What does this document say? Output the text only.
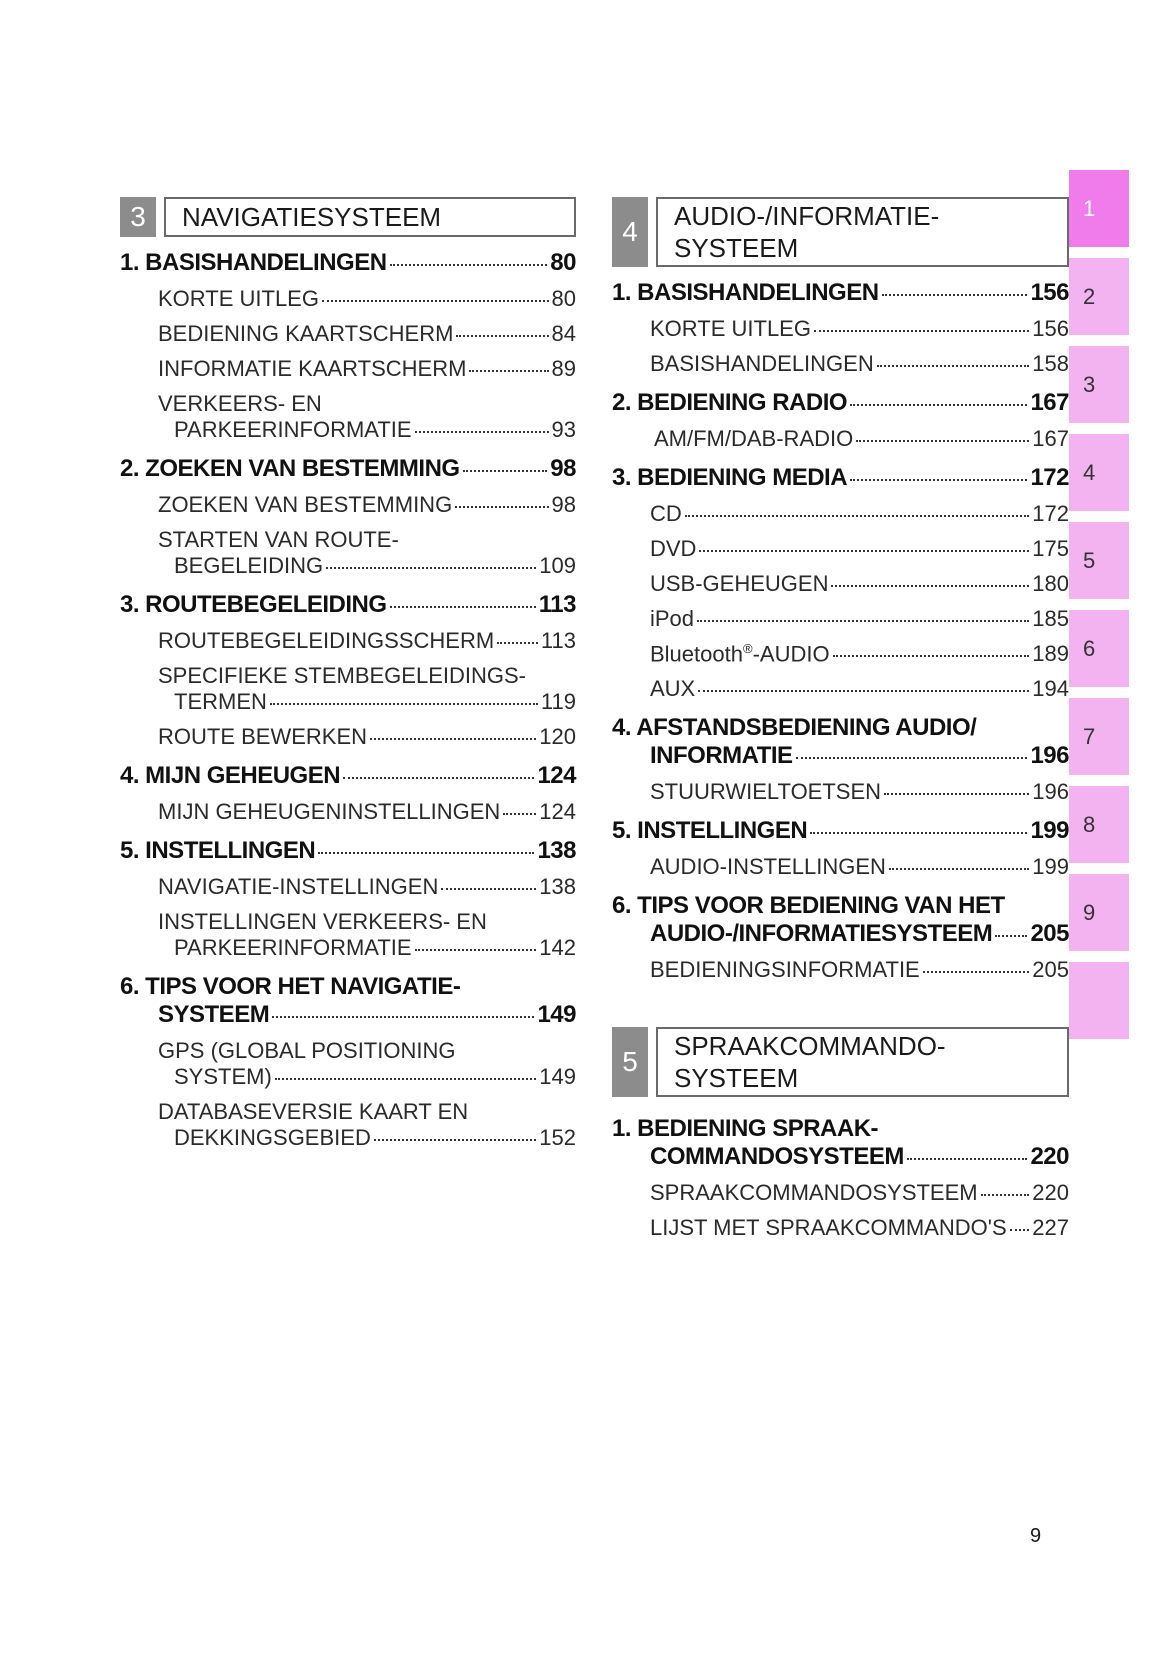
3	NAVIGATIESYSTEEM
1. BASISHANDELINGEN	80
KORTE UITLEG	80
BEDIENING KAARTSCHERM	84
INFORMATIE KAARTSCHERM	89
VERKEERS- EN
PARKEERINFORMATIE	93
2. ZOEKEN VAN BESTEMMING	98
ZOEKEN VAN BESTEMMING	98
STARTEN VAN ROUTE-
BEGELEIDING	109
3. ROUTEBEGELEIDING	113
ROUTEBEGELEIDINGSSCHERM 113
SPECIFIEKE STEMBEGELEIDINGS-
TERMEN	119
ROUTE BEWERKEN	120
4. MIJN GEHEUGEN	124
MIJN GEHEUGENINSTELLINGEN 124
5. INSTELLINGEN	138
NAVIGATIE-INSTELLINGEN	138
INSTELLINGEN VERKEERS- EN
PARKEERINFORMATIE	142
6. TIPS VOOR HET NAVIGATIE-
SYSTEEM	149
GPS (GLOBAL POSITIONING
SYSTEM)	149
DATABASEVERSIE KAART EN
DEKKINGSGEBIED	152
4	AUDIO-/INFORMATIE-
SYSTEEM
1. BASISHANDELINGEN	156
KORTE UITLEG	156
BASISHANDELINGEN	158
2. BEDIENING RADIO	167
AM/FM/DAB-RADIO	167
3. BEDIENING MEDIA	172
CD	172
DVD	175
USB-GEHEUGEN	180
iPod	185
Bluetooth®-AUDIO	189
AUX	194
4. AFSTANDSBEDIENING AUDIO/
INFORMATIE	196
STUURWIELTOETSEN	196
5. INSTELLINGEN	199
AUDIO-INSTELLINGEN	199
6. TIPS VOOR BEDIENING VAN HET
AUDIO-/INFORMATIESYSTEEM 205
BEDIENINGSINFORMATIE	205
5	SPRAAKCOMMANDO-
SYSTEEM
1. BEDIENING SPRAAK-
COMMANDOSYSTEEM	220
SPRAAKCOMMANDOSYSTEEM 220
LIJST MET SPRAAKCOMMANDO'S 227
1
2
3
4
5
6
7
8
9
9
